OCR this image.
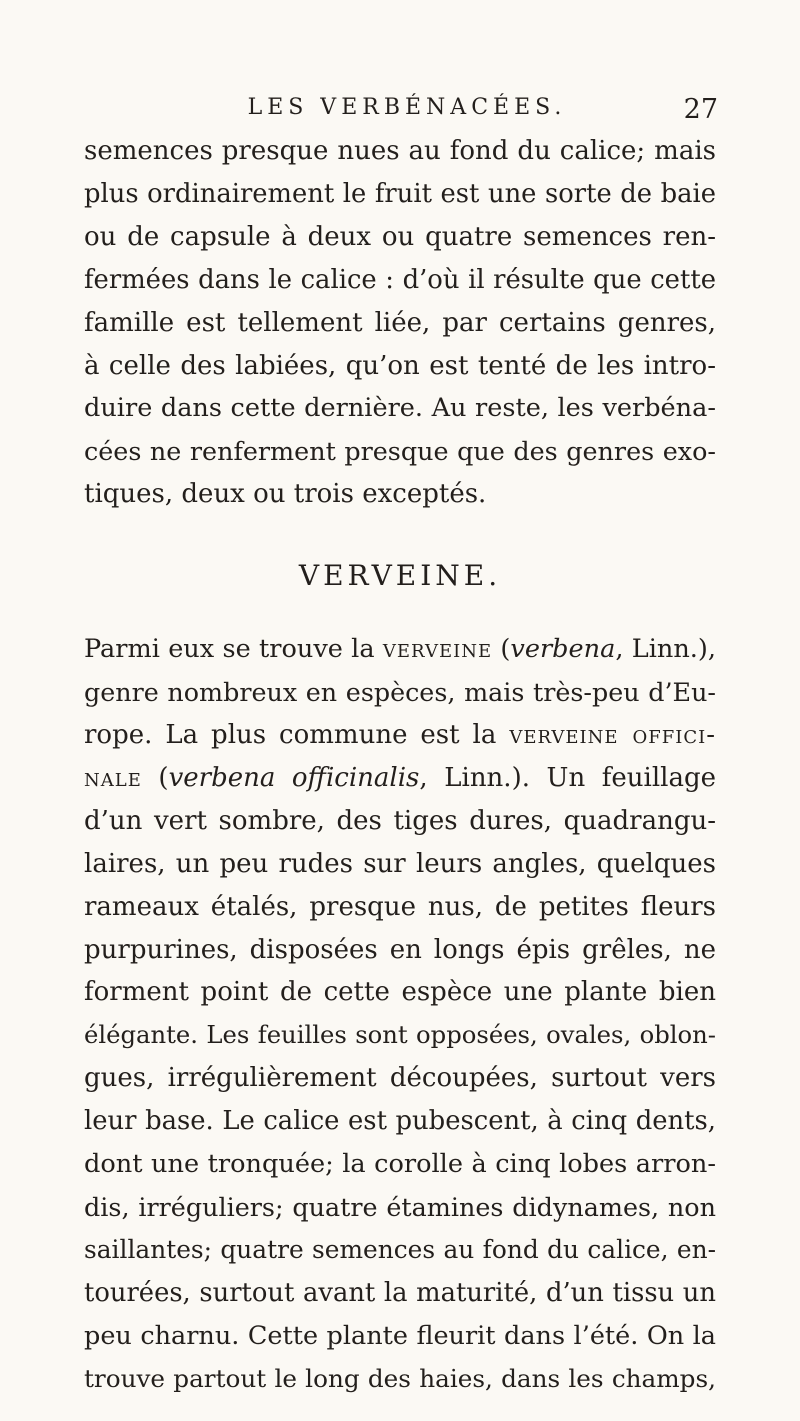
LES VERBÉNACÉES.	27
semences presque nues au fond du calice; mais
plus ordinairement le fruit est une sorte de baie
ou de capsule à deux ou quatre semences ren-
fermées dans le calice : d’où il résulte que cette
famille est tellement liée, par certains genres,
à celle des labiées, qu’on est tenté de les intro-
duire dans cette dernière. Au reste, les verbéna-
cées ne renferment presque que des genres exo-
tiques, deux ou trois exceptés.
VERVEINE.
Parmi eux se trouve la verveine (verbena, Linn.),
genre nombreux en espèces, mais très-peu d’Eu-
rope. La plus commune est la verveine offici-
nale (verbena officinalis, Linn.). Un feuillage
d’un vert sombre, des tiges dures, quadrangu-
laires, un peu rudes sur leurs angles, quelques
rameaux étalés, presque nus, de petites fleurs
purpurines, disposées en longs épis grêles, ne
forment point de cette espèce une plante bien
élégante. Les feuilles sont opposées, ovales, oblon-
gues, irrégulièrement découpées, surtout vers
leur base. Le calice est pubescent, à cinq dents,
dont une tronquée; la corolle à cinq lobes arron-
dis, irréguliers; quatre étamines didynames, non
saillantes; quatre semences au fond du calice, en-
tourées, surtout avant la maturité, d’un tissu un
peu charnu. Cette plante fleurit dans l’été. On la
trouve partout le long des haies, dans les champs,
